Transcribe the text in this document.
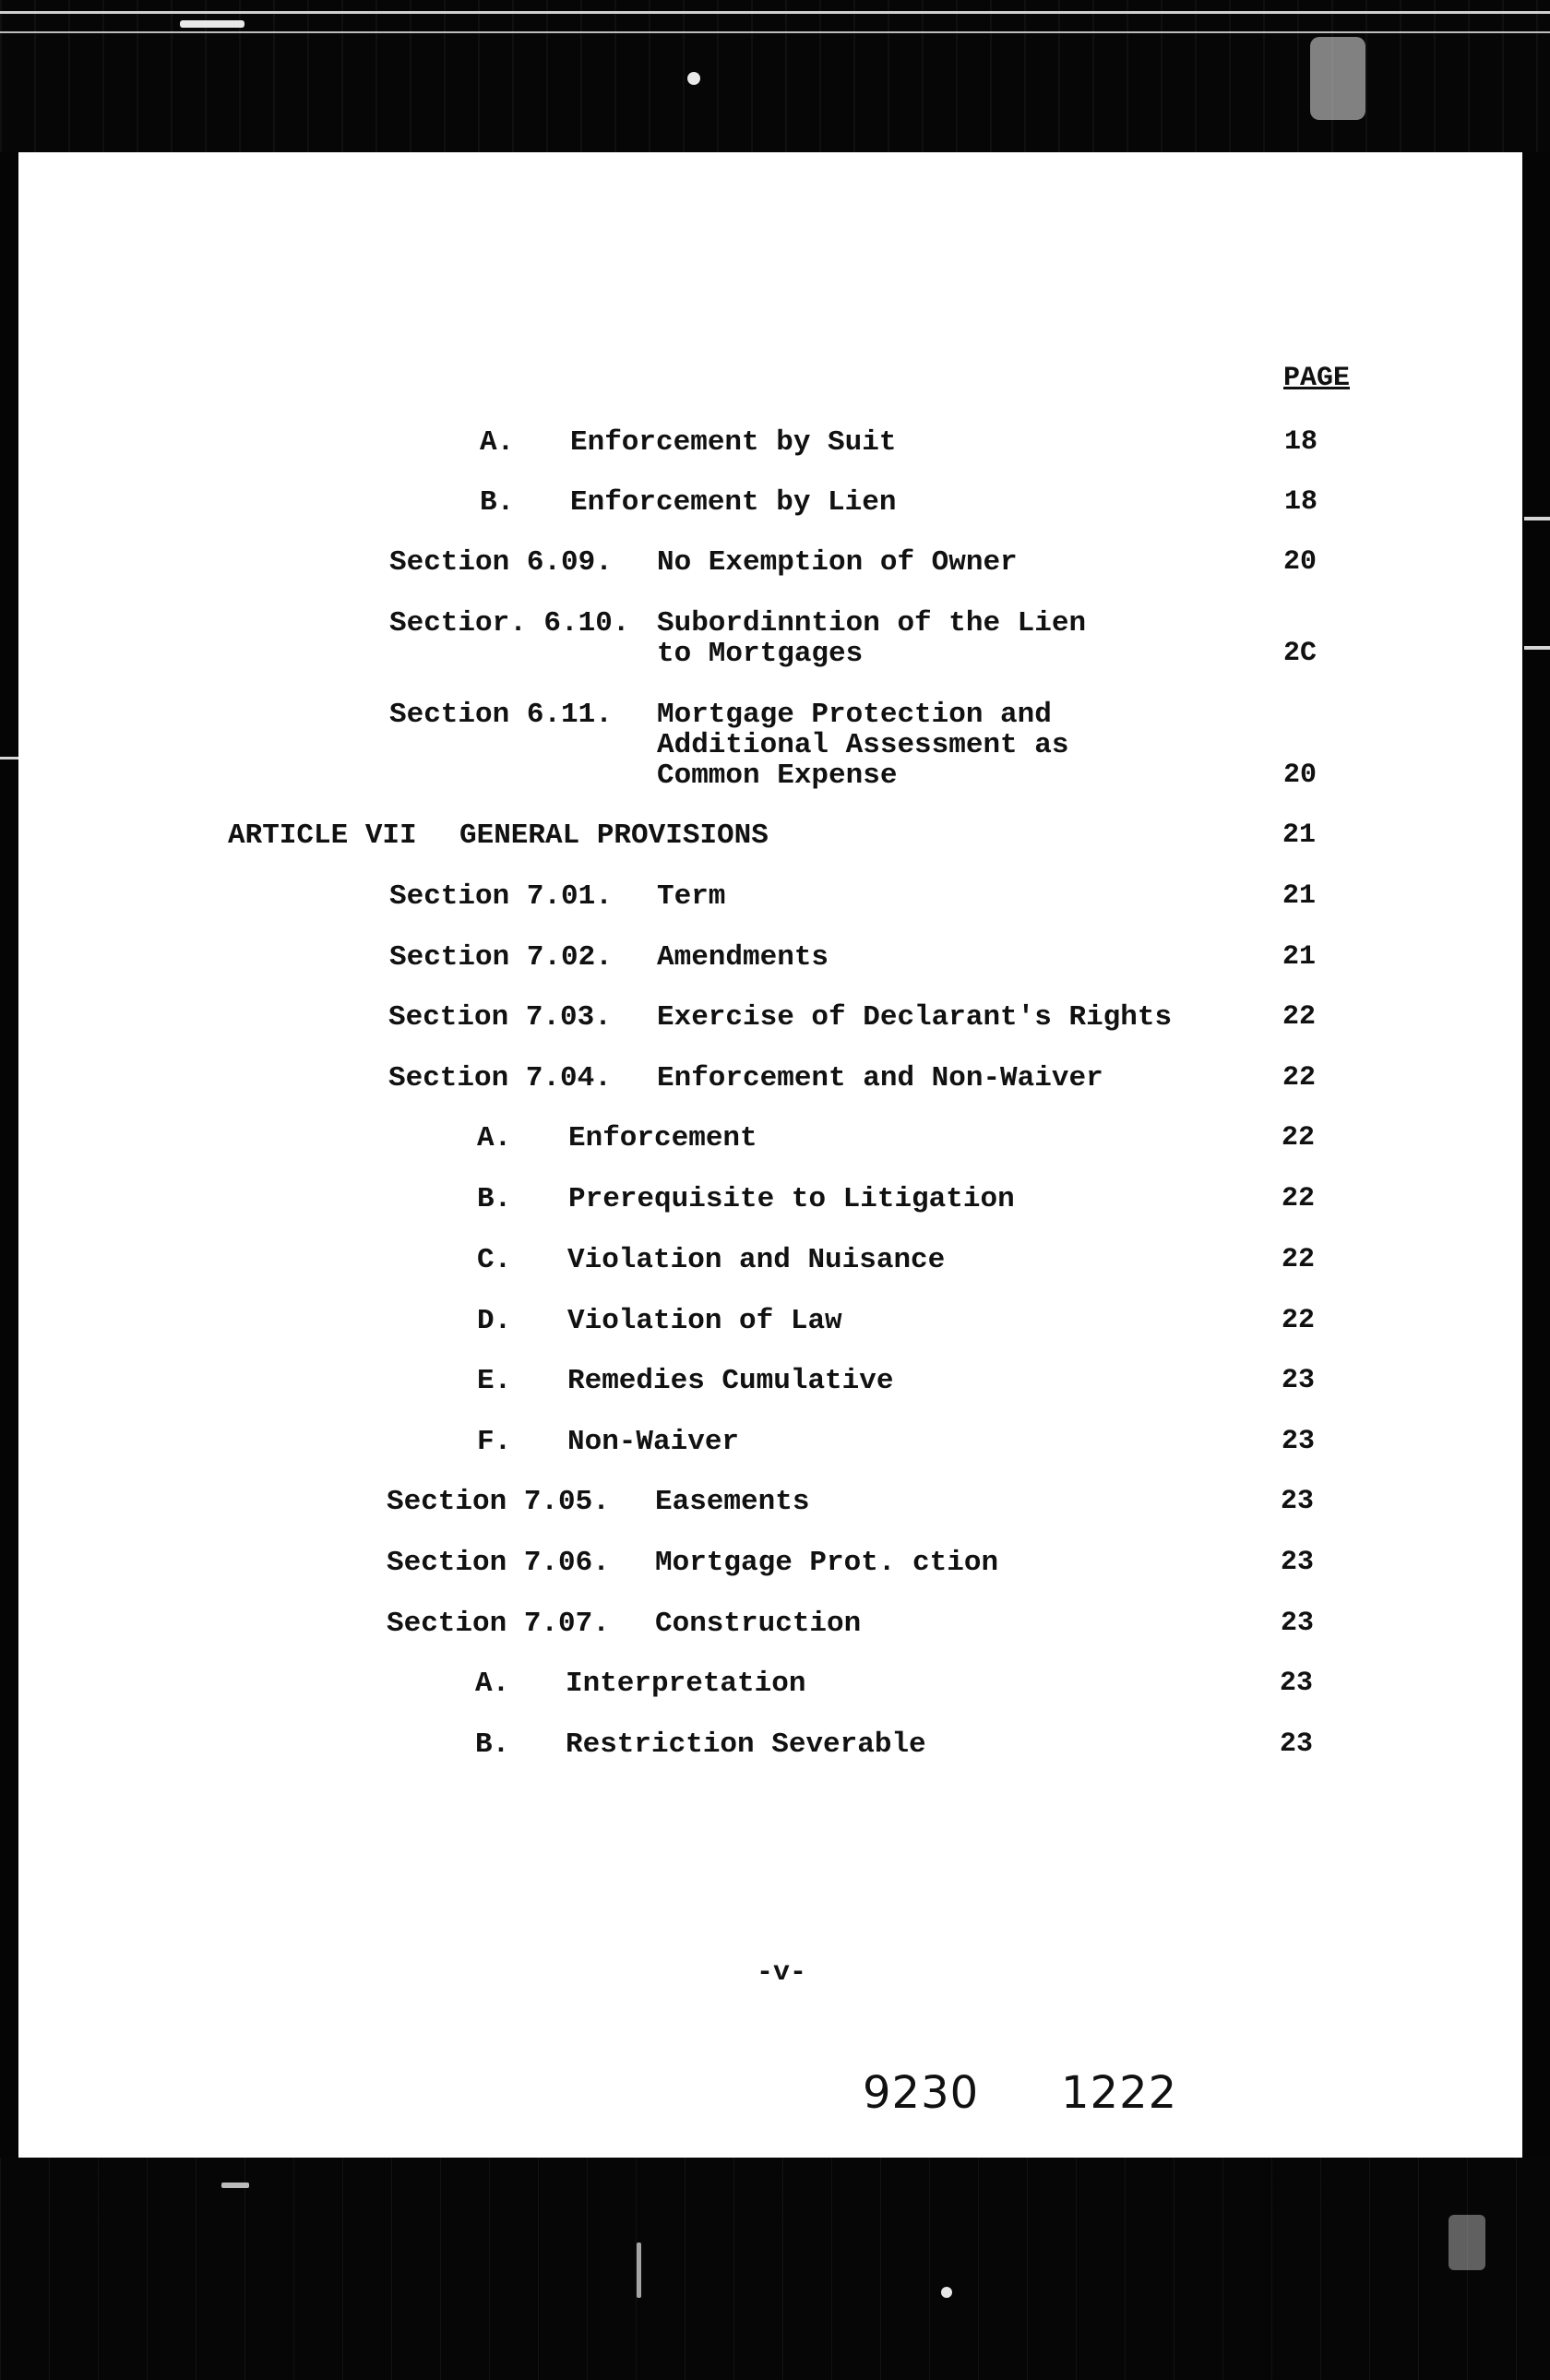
PAGE
A. Enforcement by Suit	18
B. Enforcement by Lien	18
Section 6.09. No Exemption of Owner	20
Sectior. 6.10. Subordinntion of the Lien
to Mortgages	2C
Section 6.11. Mortgage Protection and
Additional Assessment as
Common Expense	20
ARTICLE VII GENERAL PROVISIONS	21
Section 7.01. Term	21
Section 7.02. Amendments	21
Section 7.03. Exercise of Declarant's Rights	22
Section 7.04. Enforcement and Non-Waiver	22
A. Enforcement	22
B. Prerequisite to Litigation	22
C. Violation and Nuisance	22
D. Violation of Law	22
E. Remedies Cumulative	23
F. Non-Waiver	23
Section 7.05. Easements	23
Section 7.06. Mortgage Prot. ction	23
Section 7.07. Construction	23
A. Interpretation	23
B. Restriction Severable	23
-v-
9230 1222
